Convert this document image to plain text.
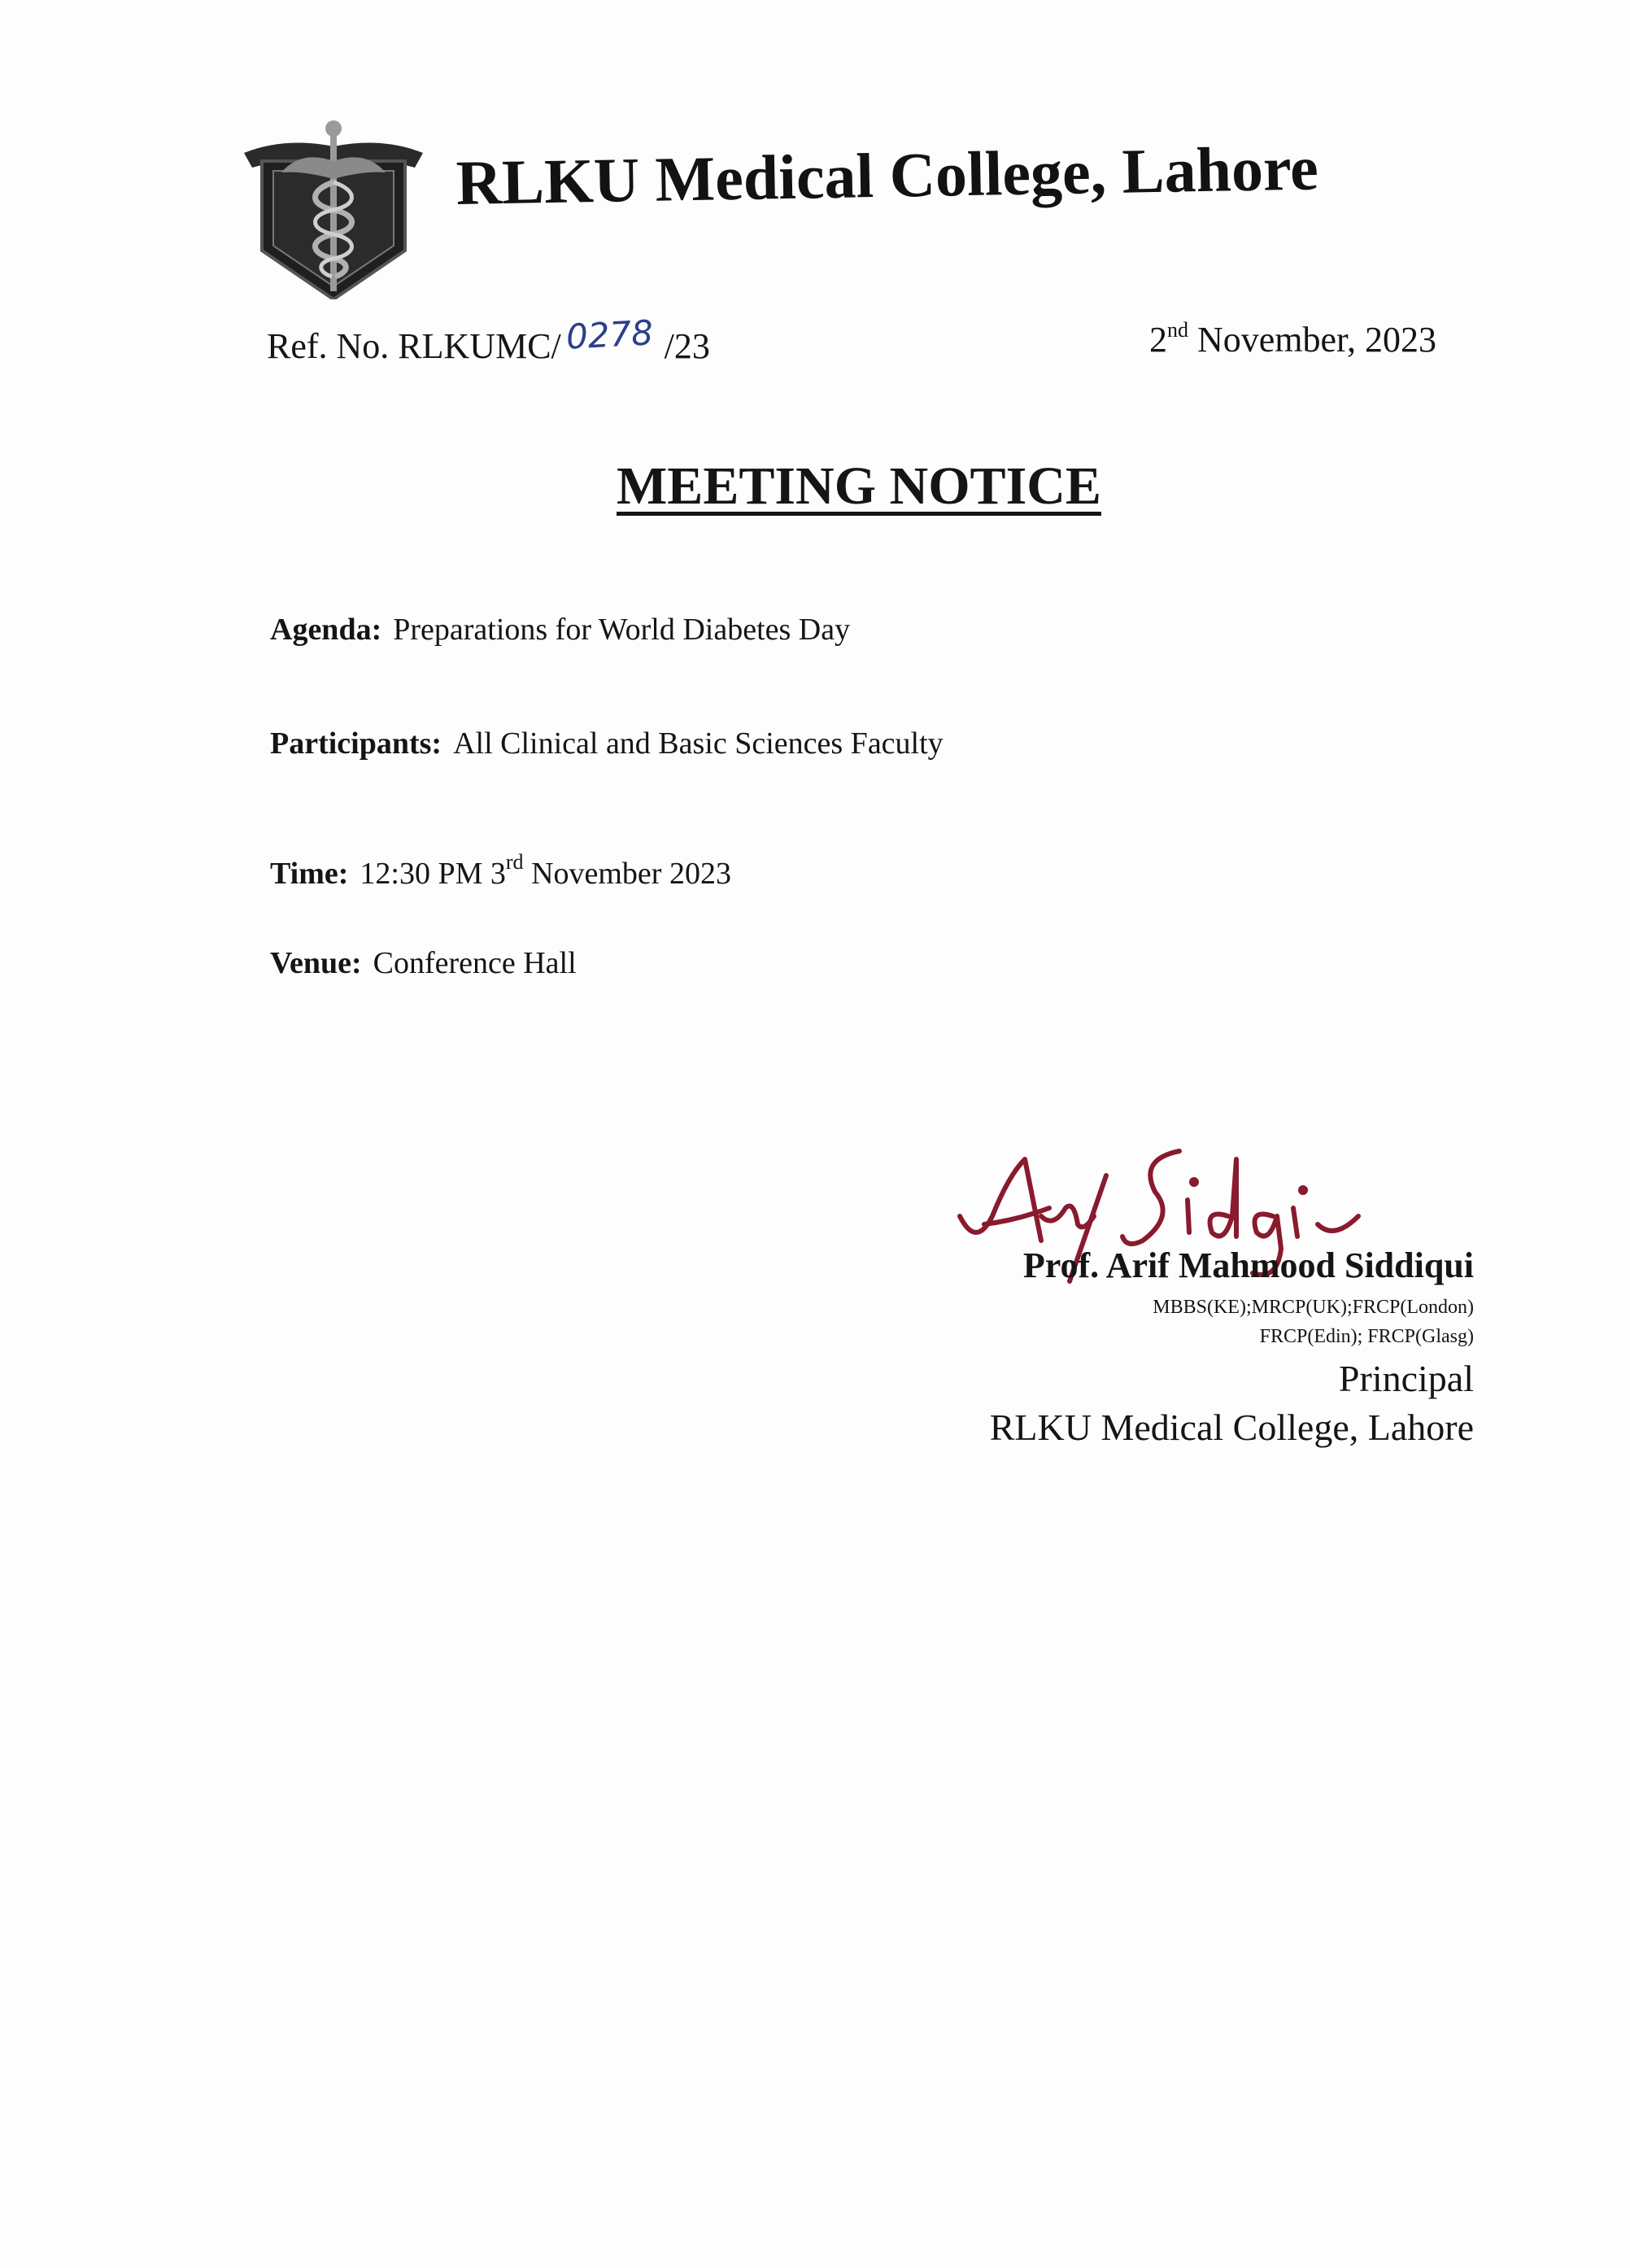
RLKU Medical College, Lahore
Ref. No. RLKUMC/ 0278 /23	2nd November, 2023
MEETING NOTICE
Agenda: Preparations for World Diabetes Day
Participants: All Clinical and Basic Sciences Faculty
Time: 12:30 PM 3rd November 2023
Venue: Conference Hall
Prof. Arif Mahmood Siddiqui
MBBS(KE);MRCP(UK);FRCP(London)
FRCP(Edin); FRCP(Glasg)
Principal
RLKU Medical College, Lahore
